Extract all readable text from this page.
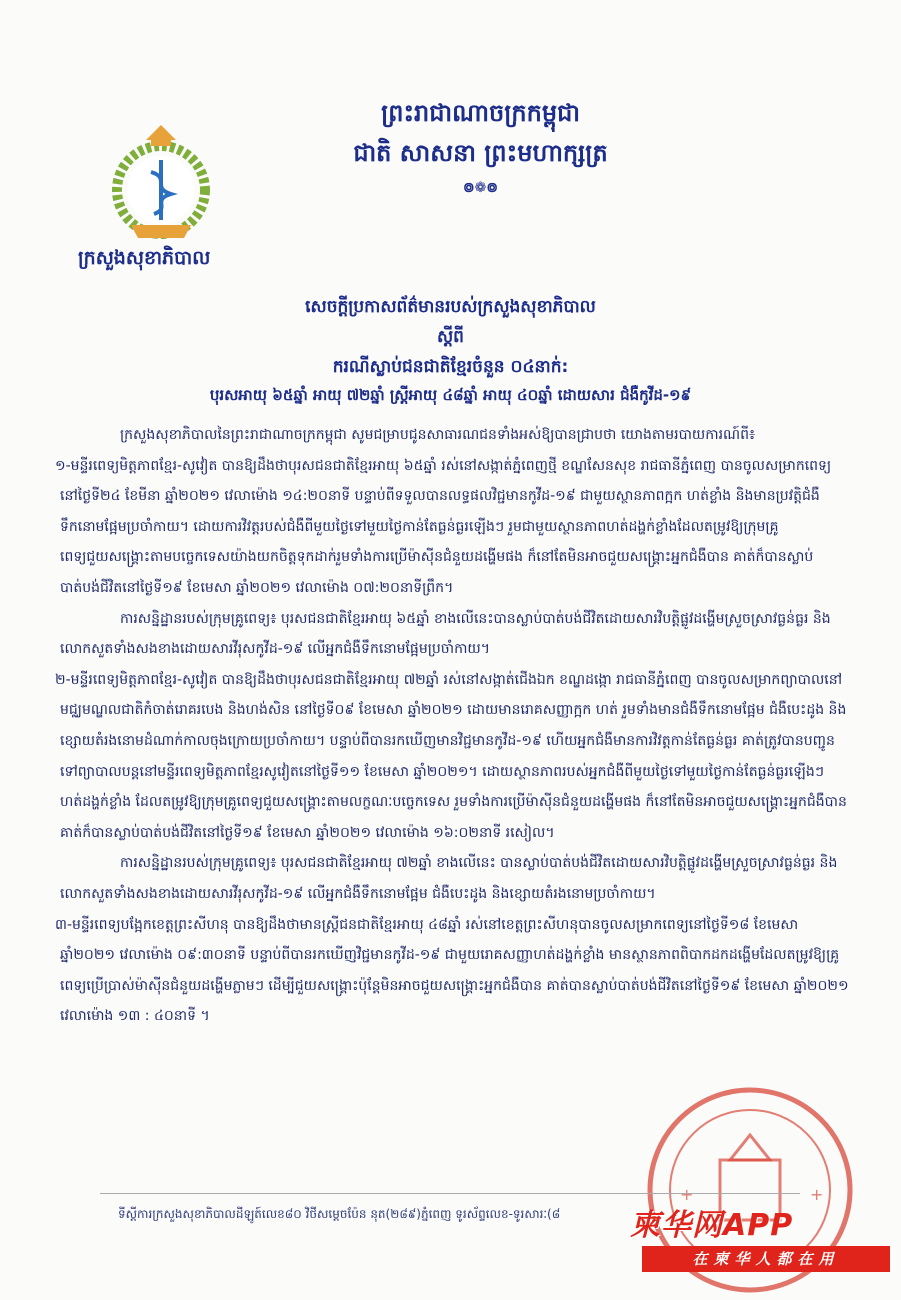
ក្រសួងសុខាភិបាល
ព្រះរាជាណាចក្រកម្ពុជា
ជាតិ សាសនា ព្រះមហាក្សត្រ
៙❁៙
សេចក្តីប្រកាសព័ត៌មានរបស់ក្រសួងសុខាភិបាល
ស្តីពី
ករណីស្លាប់ជនជាតិខ្មែរចំនួន ០៤នាក់:
បុរសអាយុ ៦៥ឆ្នាំ អាយុ ៧២ឆ្នាំ ស្ត្រីអាយុ ៤៨ឆ្នាំ អាយុ ៤០ឆ្នាំ ដោយសារ ជំងឺកូវីដ-១៩

ក្រសួងសុខាភិបាលនៃព្រះរាជាណាចក្រកម្ពុជា សូមជម្រាបជូនសាធារណជនទាំងអស់ឱ្យបានជ្រាបថា យោងតាមរបាយការណ៍ពី៖

១-មន្ទីរពេទ្យមិត្តភាពខ្មែរ-សូវៀត បានឱ្យដឹងថាបុរសជនជាតិខ្មែរអាយុ ៦៥ឆ្នាំ រស់នៅសង្កាត់ភ្នំពេញថ្មី ខណ្ឌសែនសុខ រាជធានីភ្នំពេញ បានចូលសម្រាកពេទ្យ នៅថ្ងៃទី២៤ ខែមីនា ឆ្នាំ២០២១ វេលាម៉ោង ១៤:២០នាទី បន្ទាប់ពីទទួលបានលទ្ធផលវិជ្ជមានកូវីដ-១៩ ជាមួយស្ថានភាពក្អក ហត់ខ្លាំង និងមានប្រវត្តិជំងឺទឹកនោមផ្អែមប្រចាំកាយ។ ដោយការវិវត្តរបស់ជំងឺពីមួយថ្ងៃទៅមួយថ្ងៃកាន់តែធ្ងន់ធ្ងរឡើងៗ រួមជាមួយស្ថានភាពហត់ដង្ហក់ខ្លាំងដែលតម្រូវឱ្យក្រុមគ្រូពេទ្យជួយសង្គ្រោះតាមបច្ចេកទេសយ៉ាងយកចិត្តទុកដាក់រួមទាំងការប្រើម៉ាស៊ីនជំនួយដង្ហើមផង ក៏នៅតែមិនអាចជួយសង្គ្រោះអ្នកជំងឺបាន គាត់ក៏បានស្លាប់បាត់បង់ជីវិតនៅថ្ងៃទី១៩ ខែមេសា ឆ្នាំ២០២១ វេលាម៉ោង ០៧:២០នាទីព្រឹក។

ការសន្និដ្ឋានរបស់ក្រុមគ្រូពេទ្យ៖ បុរសជនជាតិខ្មែរអាយុ ៦៥ឆ្នាំ ខាងលើនេះបានស្លាប់បាត់បង់ជីវិតដោយសារវិបត្តិផ្លូវដង្ហើមស្រួចស្រាវធ្ងន់ធ្ងរ និងលោកសួតទាំងសងខាងដោយសារវីរុសកូវីដ-១៩ លើអ្នកជំងឺទឹកនោមផ្អែមប្រចាំកាយ។

២-មន្ទីរពេទ្យមិត្តភាពខ្មែរ-សូវៀត បានឱ្យដឹងថាបុរសជនជាតិខ្មែរអាយុ ៧២ឆ្នាំ រស់នៅសង្កាត់ជើងឯក ខណ្ឌដង្កោ រាជធានីភ្នំពេញ បានចូលសម្រាកព្យាបាលនៅមជ្ឈមណ្ឌលជាតិកំចាត់រោគរបេង និងហង់សិន នៅថ្ងៃទី០៩ ខែមេសា ឆ្នាំ២០២១ ដោយមានរោគសញ្ញាក្អក ហត់ រួមទាំងមានជំងឺទឹកនោមផ្អែម ជំងឺបេះដូង និងខ្សោយតំរងនោមដំណាក់កាលចុងក្រោយប្រចាំកាយ។ បន្ទាប់ពីបានរកឃើញមានវិជ្ជមានកូវីដ-១៩ ហើយអ្នកជំងឺមានការវិវត្តកាន់តែធ្ងន់ធ្ងរ គាត់ត្រូវបានបញ្ជូនទៅព្យាបាលបន្តនៅមន្ទីរពេទ្យមិត្តភាពខ្មែរសូវៀតនៅថ្ងៃទី១១ ខែមេសា ឆ្នាំ២០២១។ ដោយស្ថានភាពរបស់អ្នកជំងឺពីមួយថ្ងៃទៅមួយថ្ងៃកាន់តែធ្ងន់ធ្ងរឡើងៗ ហត់ដង្ហក់ខ្លាំង ដែលតម្រូវឱ្យក្រុមគ្រូពេទ្យជួយសង្គ្រោះតាមលក្ខណៈបច្ចេកទេស រួមទាំងការប្រើម៉ាស៊ីនជំនួយដង្ហើមផង ក៏នៅតែមិនអាចជួយសង្គ្រោះអ្នកជំងឺបាន គាត់ក៏បានស្លាប់បាត់បង់ជីវិតនៅថ្ងៃទី១៩ ខែមេសា ឆ្នាំ២០២១ វេលាម៉ោង ១៦:០២នាទី រសៀល។

ការសន្និដ្ឋានរបស់ក្រុមគ្រូពេទ្យ៖ បុរសជនជាតិខ្មែរអាយុ ៧២ឆ្នាំ ខាងលើនេះ បានស្លាប់បាត់បង់ជីវិតដោយសារវិបត្តិផ្លូវដង្ហើមស្រួចស្រាវធ្ងន់ធ្ងរ និងលោកសួតទាំងសងខាងដោយសារវីរុសកូវីដ-១៩ លើអ្នកជំងឺទឹកនោមផ្អែម ជំងឺបេះដូង និងខ្សោយតំរងនោមប្រចាំកាយ។

៣-មន្ទីរពេទ្យបង្អែកខេត្តព្រះសីហនុ បានឱ្យដឹងថាមានស្ត្រីជនជាតិខ្មែរអាយុ ៤៨ឆ្នាំ រស់នៅខេត្តព្រះសីហនុបានចូលសម្រាកពេទ្យនៅថ្ងៃទី១៨ ខែមេសា ឆ្នាំ២០២១ វេលាម៉ោង ០៩:៣០នាទី បន្ទាប់ពីបានរកឃើញវិជ្ជមានកូវីដ-១៩ ជាមួយរោគសញ្ញាហត់ដង្ហក់ខ្លាំង មានស្ថានភាពពិបាកដកដង្ហើមដែលតម្រូវឱ្យគ្រូពេទ្យប្រើប្រាស់ម៉ាស៊ីនជំនួយដង្ហើមភ្លាមៗ ដើម្បីជួយសង្គ្រោះប៉ុន្តែមិនអាចជួយសង្គ្រោះអ្នកជំងឺបាន គាត់បានស្លាប់បាត់បង់ជីវិតនៅថ្ងៃទី១៩ ខែមេសា ឆ្នាំ២០២១ វេលាម៉ោង ១៣ : ៤០នាទី ។

+	+
ទីស្តីការក្រសួងសុខាភិបាលដីឡូត៍លេខ៨០ វិថីសម្តេចប៉ែន នុត(២៨៩)ភ្នំពេញ ទូរស័ព្ទលេខ-ទូរសារៈ(៨ 柬华网APP
在柬华人都在用
